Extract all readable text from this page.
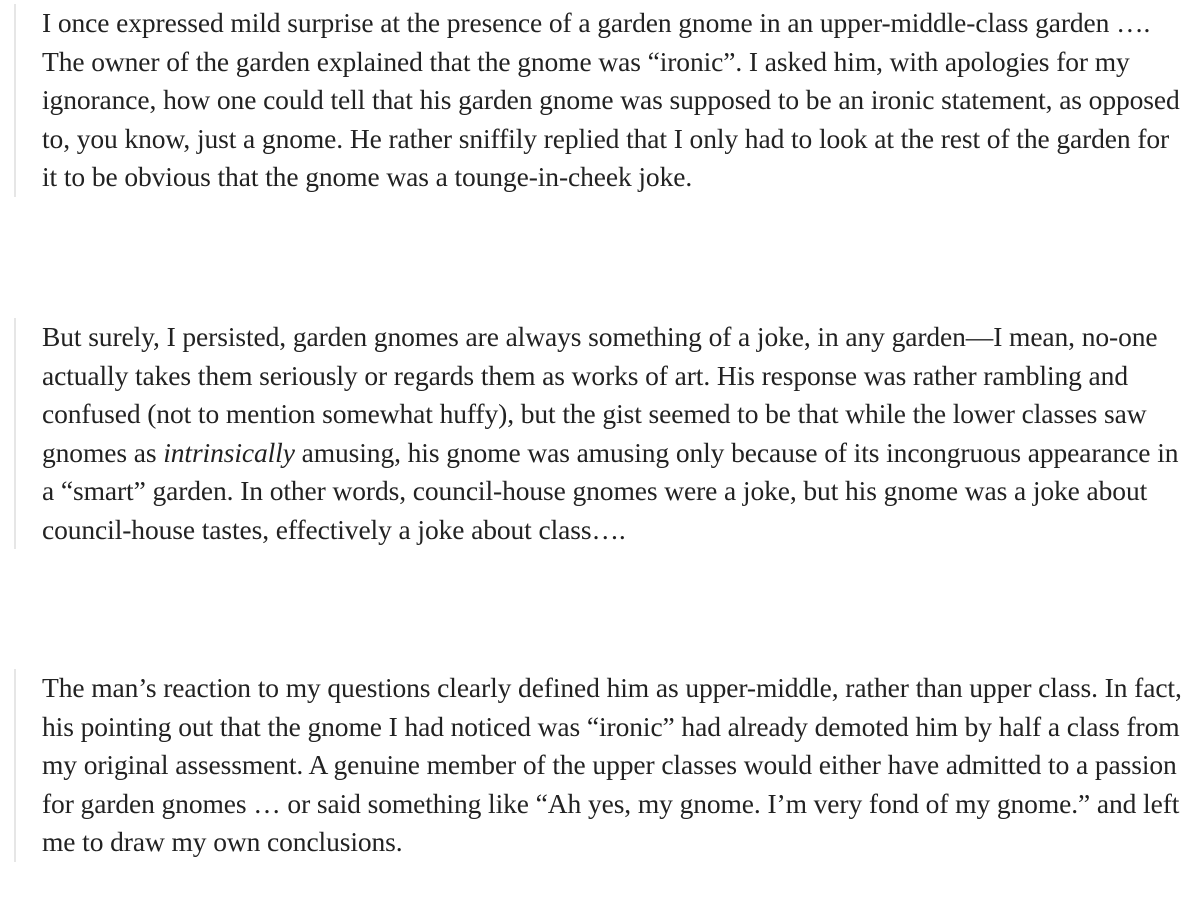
I once expressed mild surprise at the presence of a garden gnome in an upper-middle-class garden …. The owner of the garden explained that the gnome was “ironic”. I asked him, with apologies for my ignorance, how one could tell that his garden gnome was supposed to be an ironic statement, as opposed to, you know, just a gnome. He rather sniffily replied that I only had to look at the rest of the garden for it to be obvious that the gnome was a tounge-in-cheek joke.

But surely, I persisted, garden gnomes are always something of a joke, in any garden—I mean, no-one actually takes them seriously or regards them as works of art. His response was rather rambling and confused (not to mention somewhat huffy), but the gist seemed to be that while the lower classes saw gnomes as intrinsically amusing, his gnome was amusing only because of its incongruous appearance in a “smart” garden. In other words, council-house gnomes were a joke, but his gnome was a joke about council-house tastes, effectively a joke about class….

The man’s reaction to my questions clearly defined him as upper-middle, rather than upper class. In fact, his pointing out that the gnome I had noticed was “ironic” had already demoted him by half a class from my original assessment. A genuine member of the upper classes would either have admitted to a passion for garden gnomes … or said something like “Ah yes, my gnome. I’m very fond of my gnome.” and left me to draw my own conclusions.
